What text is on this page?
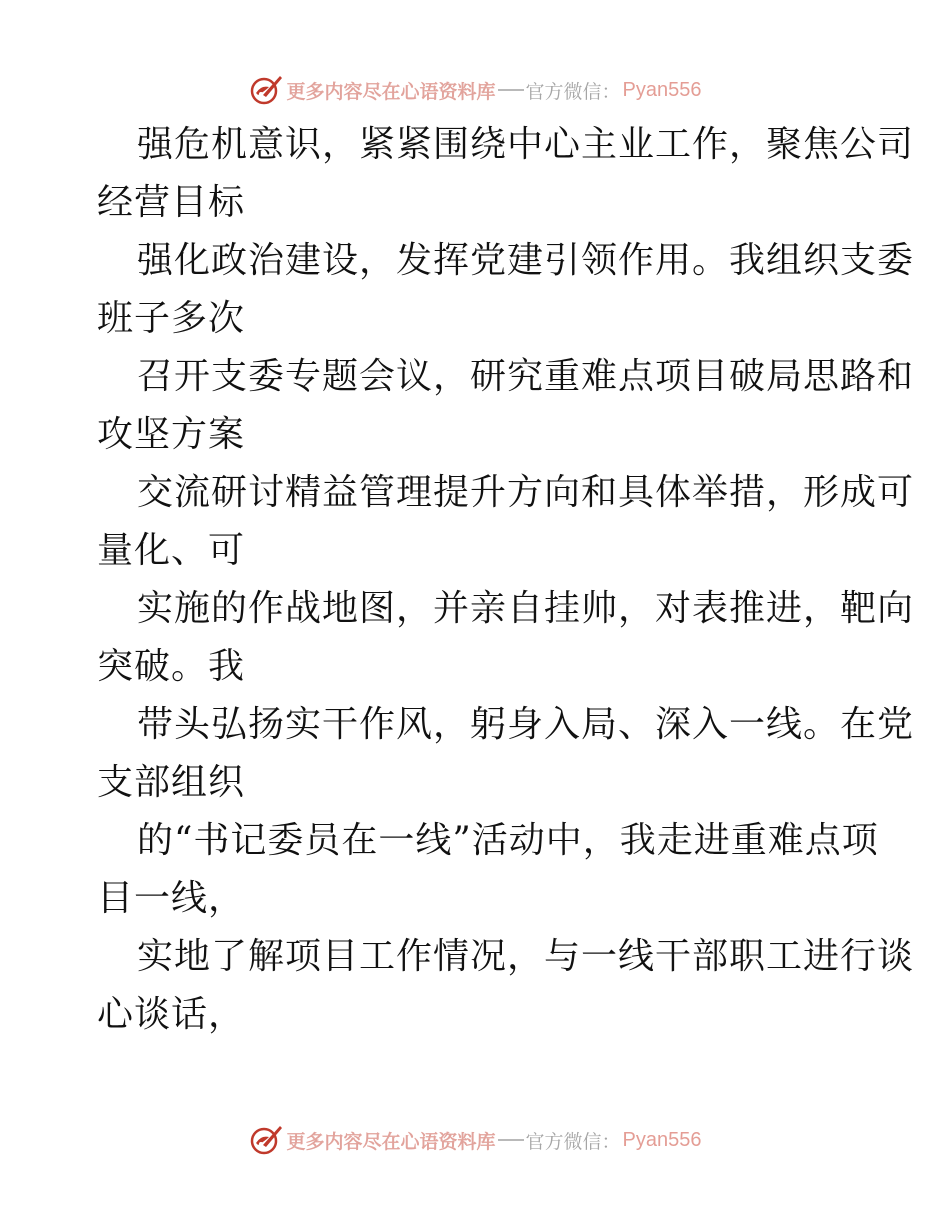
更多内容尽在心语资料库 官方微信： Pyan556

强危机意识，紧紧围绕中心主业工作，聚焦公司
经营目标

强化政治建设，发挥党建引领作用。我组织支委
班子多次

召开支委专题会议，研究重难点项目破局思路和
攻坚方案

交流研讨精益管理提升方向和具体举措，形成可
量化、可

实施的作战地图，并亲自挂帅，对表推进，靶向
突破。我

带头弘扬实干作风，躬身入局、深入一线。在党
支部组织

的“书记委员在一线”活动中，我走进重难点项
目一线，

实地了解项目工作情况，与一线干部职工进行谈
心谈话，

更多内容尽在心语资料库 官方微信： Pyan556
